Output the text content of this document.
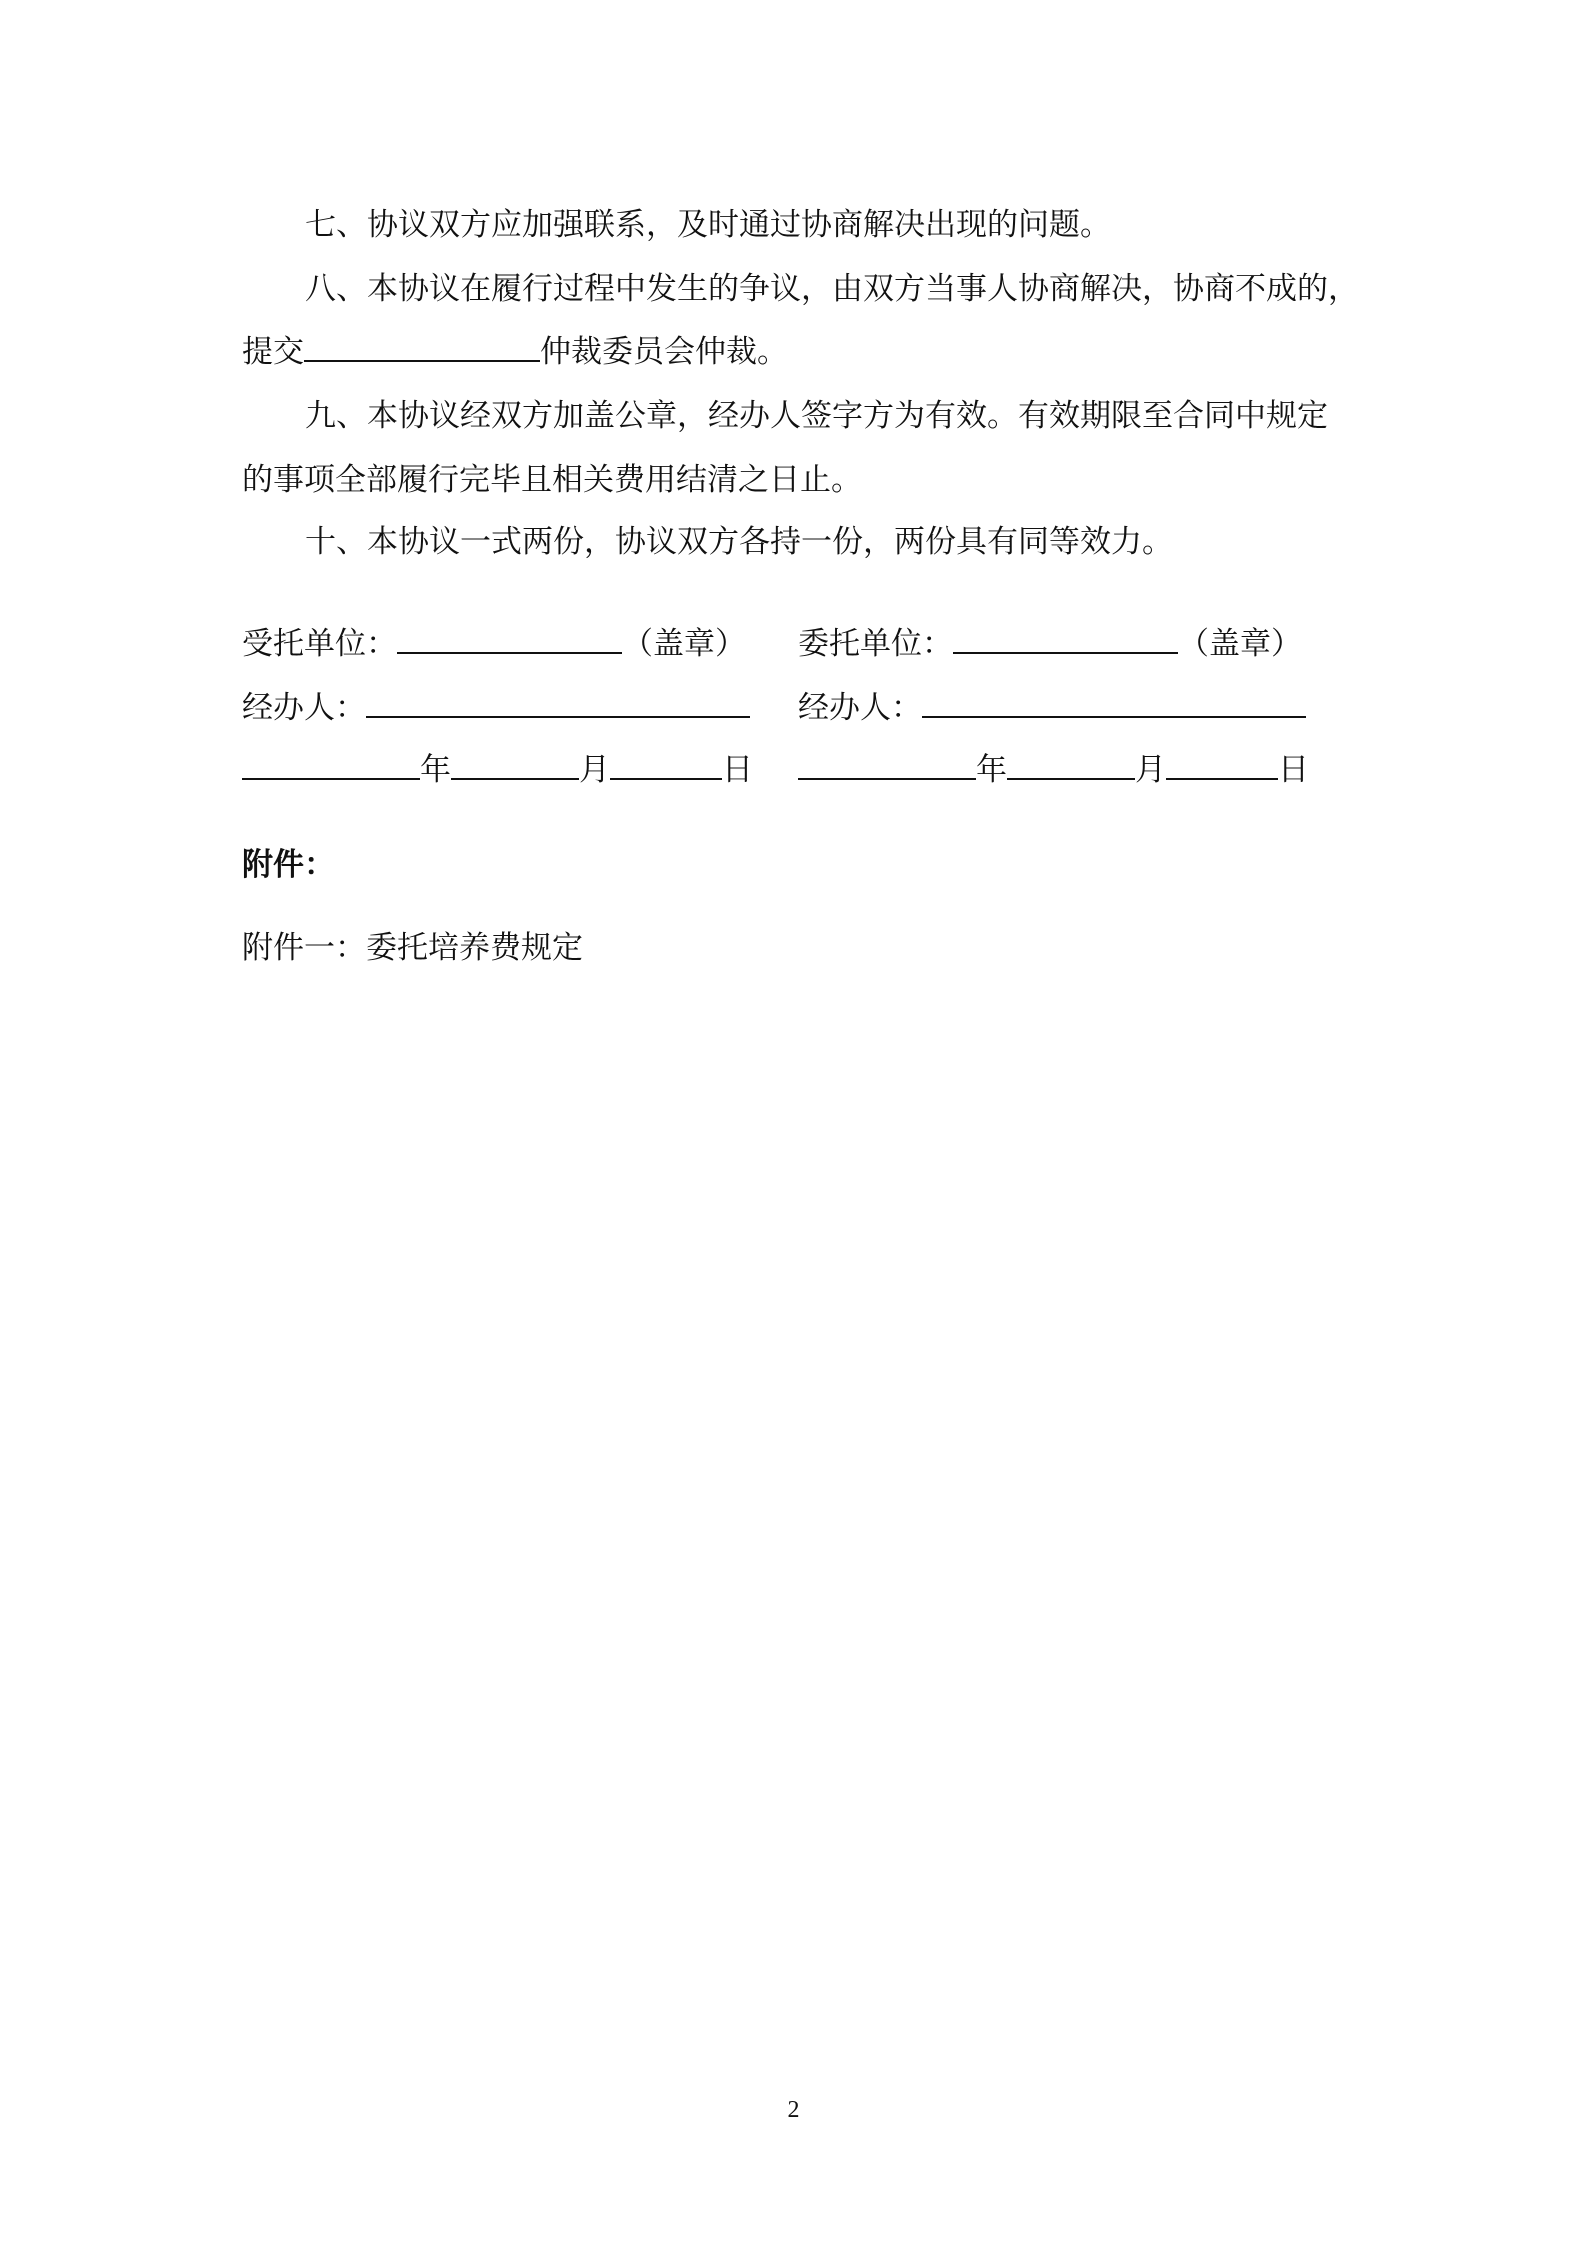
七、协议双方应加强联系，及时通过协商解决出现的问题。
八、本协议在履行过程中发生的争议，由双方当事人协商解决，协商不成的，
提交	仲裁委员会仲裁。
九、本协议经双方加盖公章，经办人签字方为有效。有效期限至合同中规定
的事项全部履行完毕且相关费用结清之日止。
十、本协议一式两份，协议双方各持一份，两份具有同等效力。
受托单位：	（盖章）
经办人：
年	月	日
委托单位：	（盖章）
经办人：
年	月	日
附件：
附件一：委托培养费规定
2
